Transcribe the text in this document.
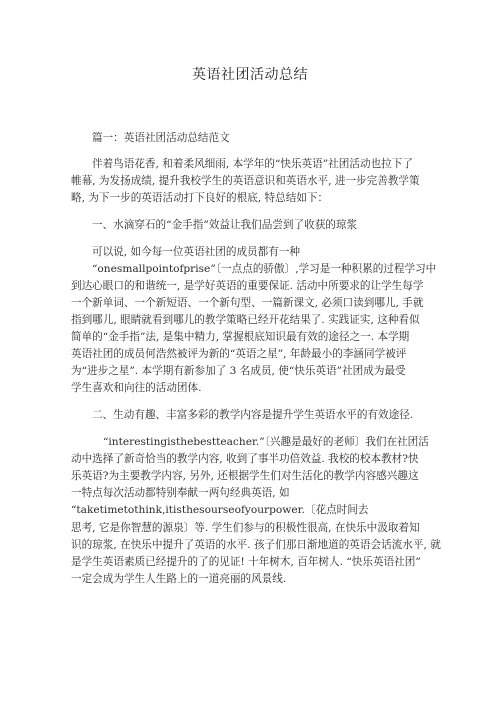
英语社团活动总结
篇一：英语社团活动总结范文
伴着鸟语花香, 和着柔风细雨, 本学年的“快乐英语”社团活动也拉下了
帷幕, 为发扬成绩, 提升我校学生的英语意识和英语水平, 进一步完善教学策
略, 为下一步的英语活动打下良好的根底, 特总结如下：
一、水滴穿石的“金手指”效益让我们品尝到了收获的琼浆
可以说, 如今每一位英语社团的成员都有一种
“onesmallpointofprise”〔一点点的骄傲〕,学习是一种积累的过程学习中
到达心眼口的和谐统一, 是学好英语的重要保证. 活动中所要求的让学生每学
一个新单词、一个新短语、一个新句型、一篇新课文, 必须口读到哪儿, 手就
指到哪儿, 眼睛就看到哪儿的教学策略已经开花结果了. 实践证实, 这种看似
简单的“金手指”法, 是集中精力, 掌握根底知识最有效的途径之一. 本学期
英语社团的成员何浩然被评为新的“英语之星”, 年龄最小的李涵同学被评
为“进步之星”. 本学期有新参加了 3 名成员, 使“快乐英语”社团成为最受
学生喜欢和向往的活动团体.
二、生动有趣、丰富多彩的教学内容是提升学生英语水平的有效途径.
“interestingisthebestteacher.”〔兴趣是最好的老师〕我们在社团活
动中选择了新奇恰当的教学内容, 收到了事半功倍效益. 我校的校本教材?快
乐英语?为主要教学内容, 另外, 还根据学生们对生活化的教学内容感兴趣这
一特点每次活动都特别奉献一两句经典英语, 如
“taketimetothink,itisthesourseofyourpower.〔花点时间去
思考, 它是你智慧的源泉〕等. 学生们参与的积极性很高, 在快乐中汲取着知
识的琼浆, 在快乐中提升了英语的水平. 孩子们那日渐地道的英语会话流水平, 就
是学生英语素质已经提升的了的见证! 十年树木, 百年树人. “快乐英语社团”
一定会成为学生人生路上的一道亮丽的风景线.
